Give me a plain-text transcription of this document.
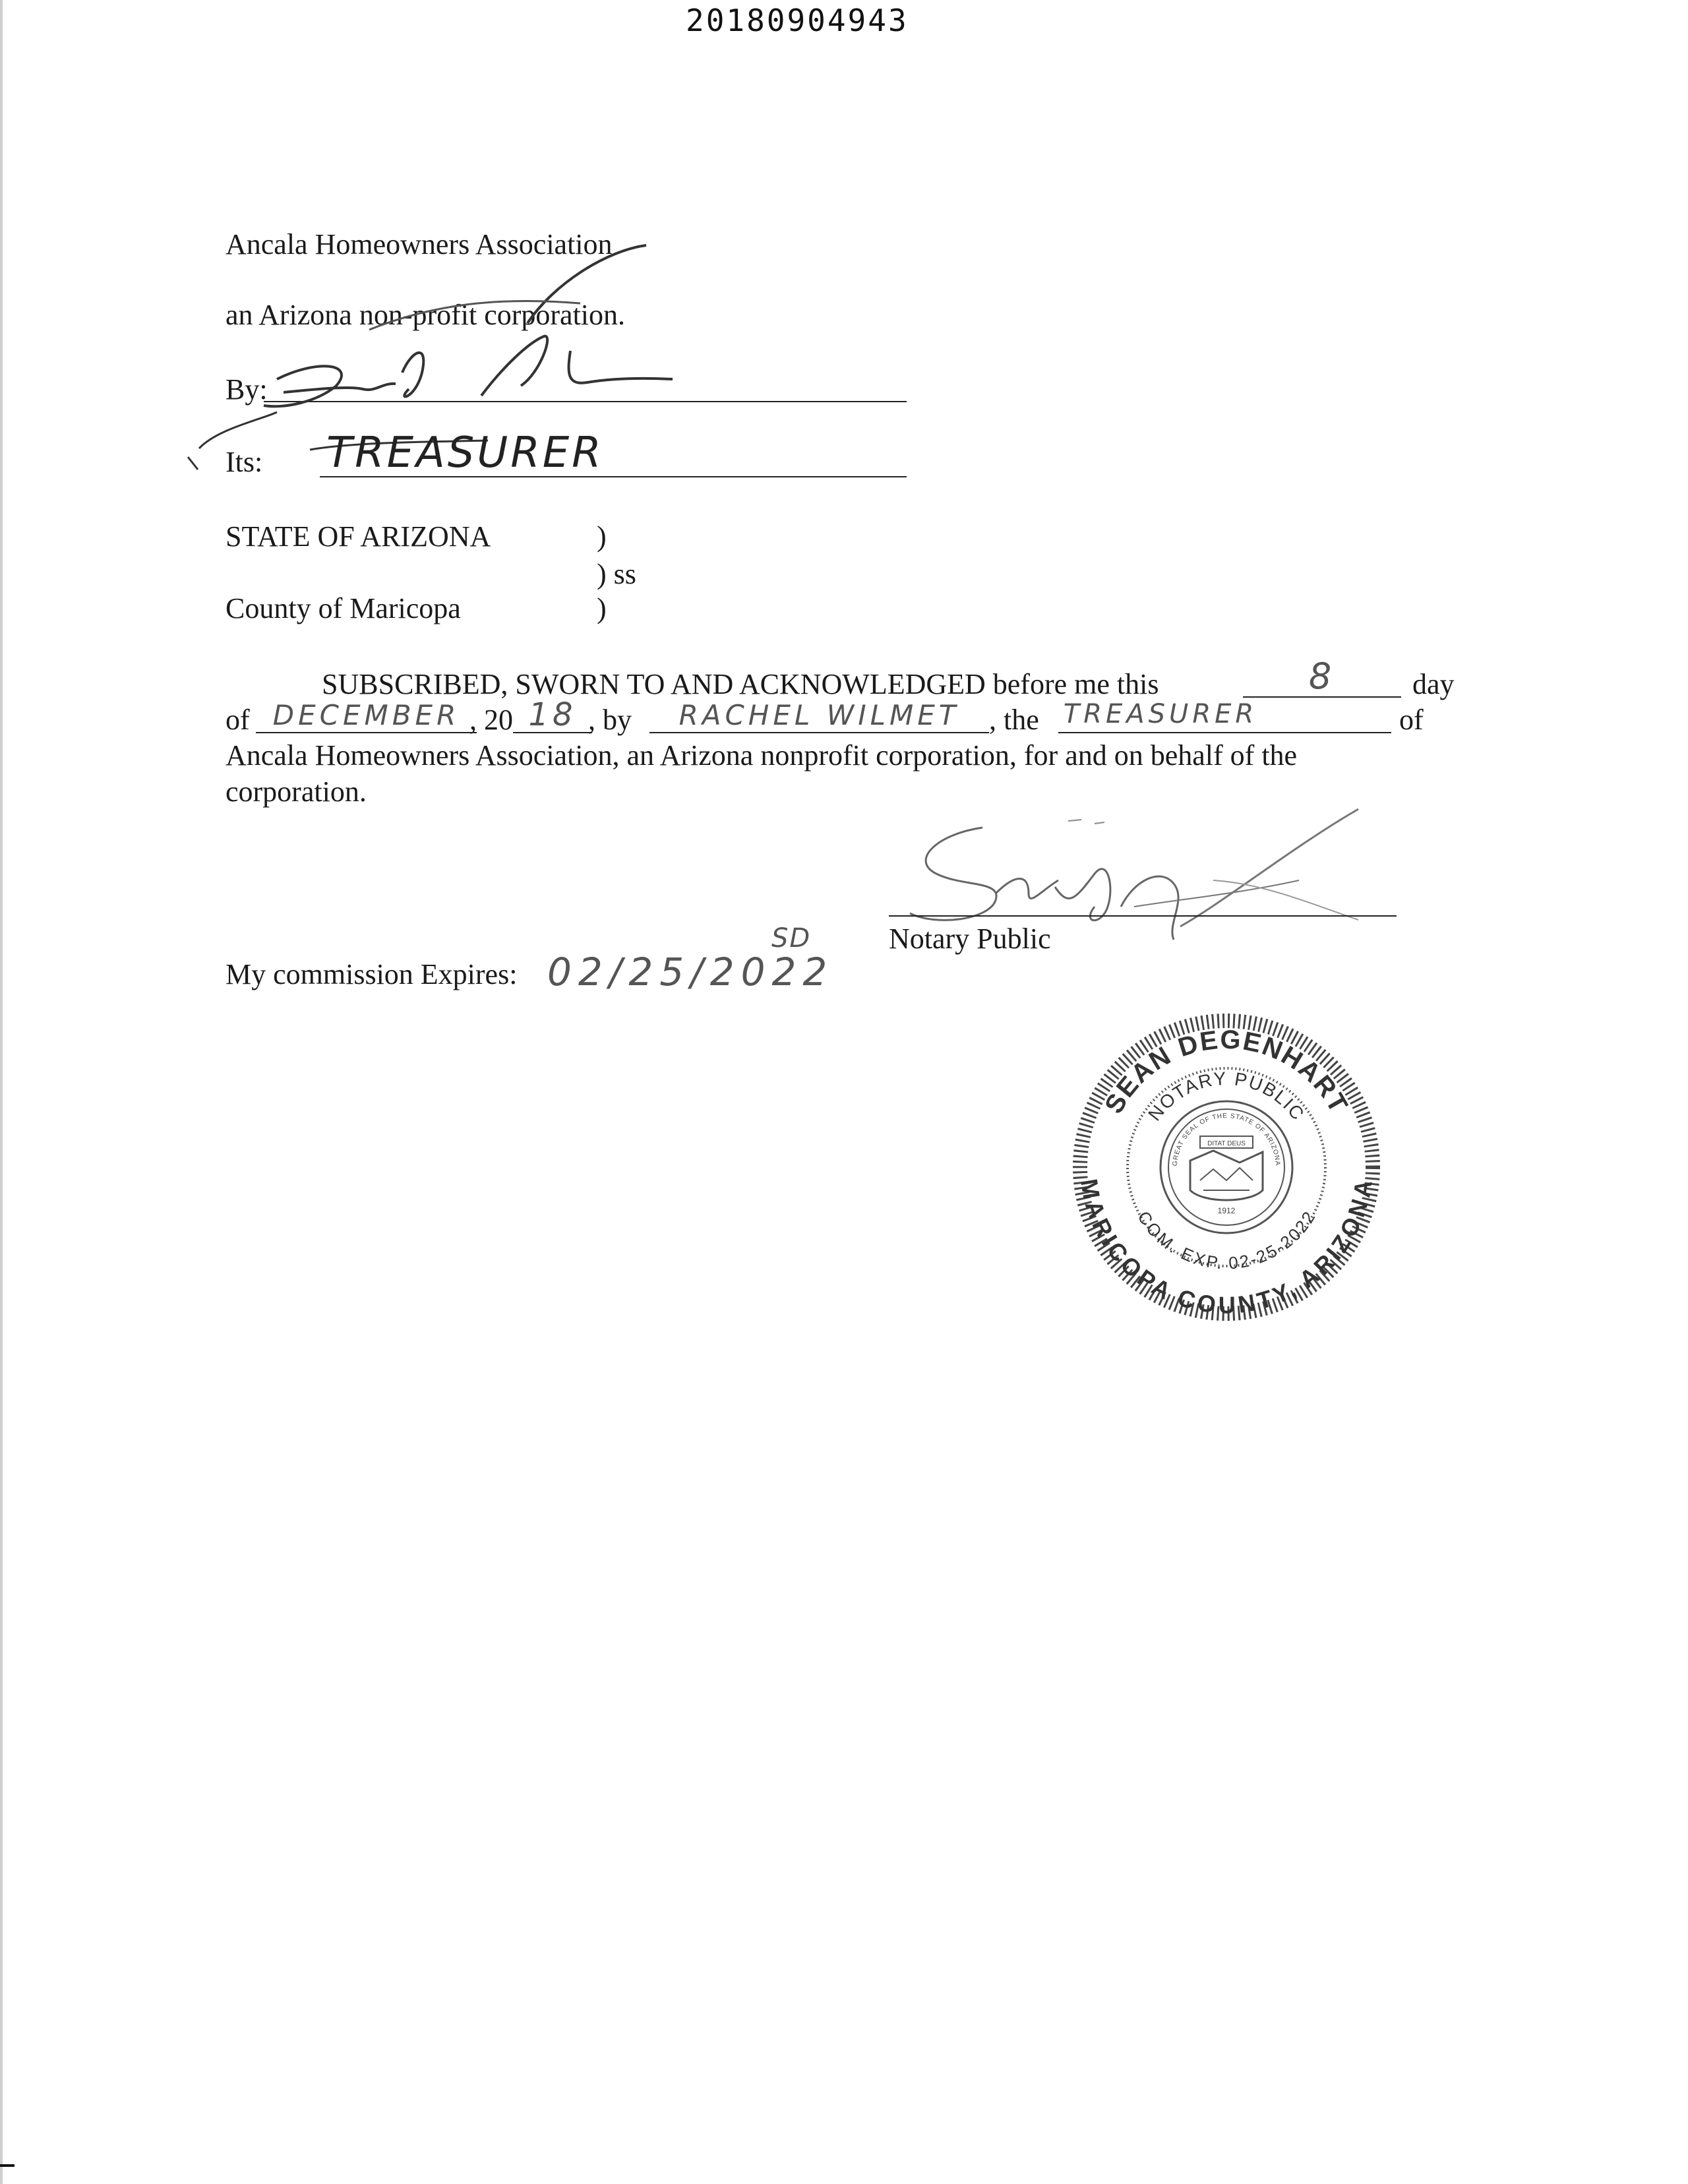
20180904943
Ancala Homeowners Association
an Arizona non-profit corporation.
By:
Its: TREASURER
STATE OF ARIZONA	)
) ss
County of Maricopa	)
SUBSCRIBED, SWORN TO AND ACKNOWLEDGED before me this	8	day
of DECEMBER , 20 18 , by	RACHEL WILMET	, the TREASURER	of
Ancala Homeowners Association, an Arizona nonprofit corporation, for and on behalf of the
corporation.
Notary Public
My commission Expires: 02/25/2022
SD
SEAN DEGENHART
MARICOPA COUNTY, ARIZONA
NOTARY PUBLIC
COM. EXP. 02-25-2022
GREAT SEAL OF THE STATE OF ARIZONA
DITAT DEUS
1912
